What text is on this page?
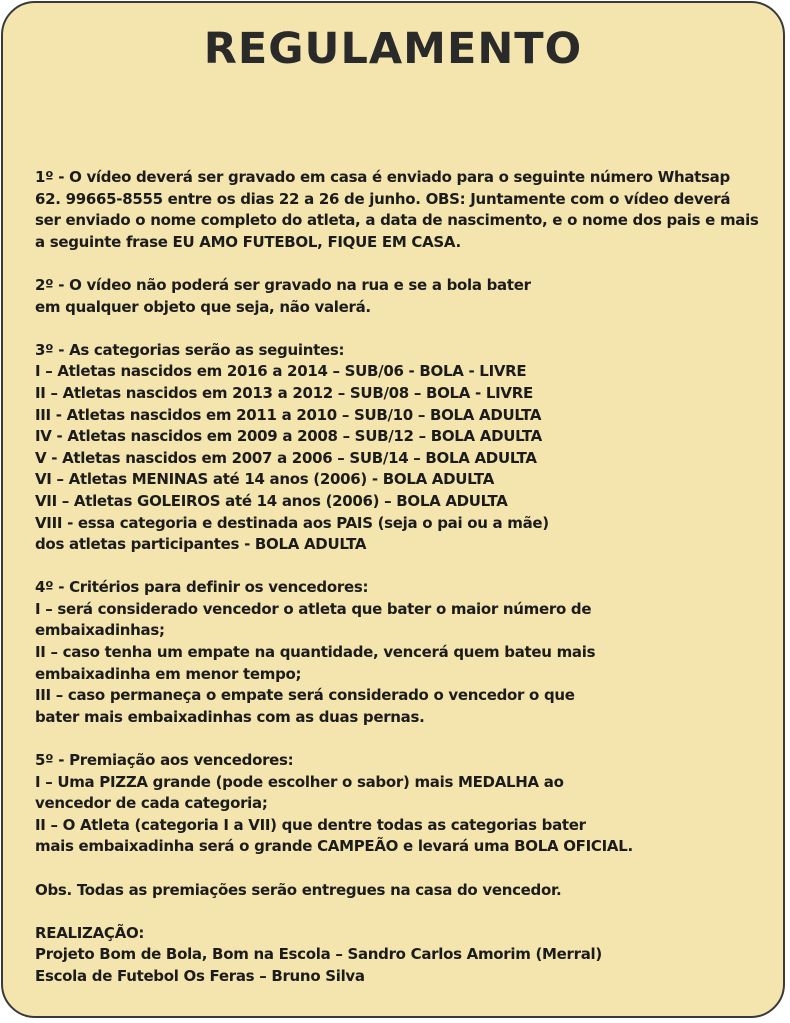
REGULAMENTO
1º - O vídeo deverá ser gravado em casa é enviado para o seguinte número Whatsap
62. 99665-8555 entre os dias 22 a 26 de junho. OBS: Juntamente com o vídeo deverá
ser enviado o nome completo do atleta, a data de nascimento, e o nome dos pais e mais
a seguinte frase EU AMO FUTEBOL, FIQUE EM CASA.
2º - O vídeo não poderá ser gravado na rua e se a bola bater
em qualquer objeto que seja, não valerá.
3º - As categorias serão as seguintes:
I – Atletas nascidos em 2016 a 2014 – SUB/06 - BOLA - LIVRE
II – Atletas nascidos em 2013 a 2012 – SUB/08 – BOLA - LIVRE
III - Atletas nascidos em 2011 a 2010 – SUB/10 – BOLA ADULTA
IV - Atletas nascidos em 2009 a 2008 – SUB/12 – BOLA ADULTA
V - Atletas nascidos em 2007 a 2006 – SUB/14 – BOLA ADULTA
VI – Atletas MENINAS até 14 anos (2006) - BOLA ADULTA
VII – Atletas GOLEIROS até 14 anos (2006) – BOLA ADULTA
VIII - essa categoria e destinada aos PAIS (seja o pai ou a mãe)
dos atletas participantes - BOLA ADULTA
4º - Critérios para definir os vencedores:
I – será considerado vencedor o atleta que bater o maior número de
embaixadinhas;
II – caso tenha um empate na quantidade, vencerá quem bateu mais
embaixadinha em menor tempo;
III – caso permaneça o empate será considerado o vencedor o que
bater mais embaixadinhas com as duas pernas.
5º - Premiação aos vencedores:
I – Uma PIZZA grande (pode escolher o sabor) mais MEDALHA ao
vencedor de cada categoria;
II – O Atleta (categoria I a VII) que dentre todas as categorias bater
mais embaixadinha será o grande CAMPEÃO e levará uma BOLA OFICIAL.
Obs. Todas as premiações serão entregues na casa do vencedor.
REALIZAÇÃO:
Projeto Bom de Bola, Bom na Escola – Sandro Carlos Amorim (Merral)
Escola de Futebol Os Feras – Bruno Silva
